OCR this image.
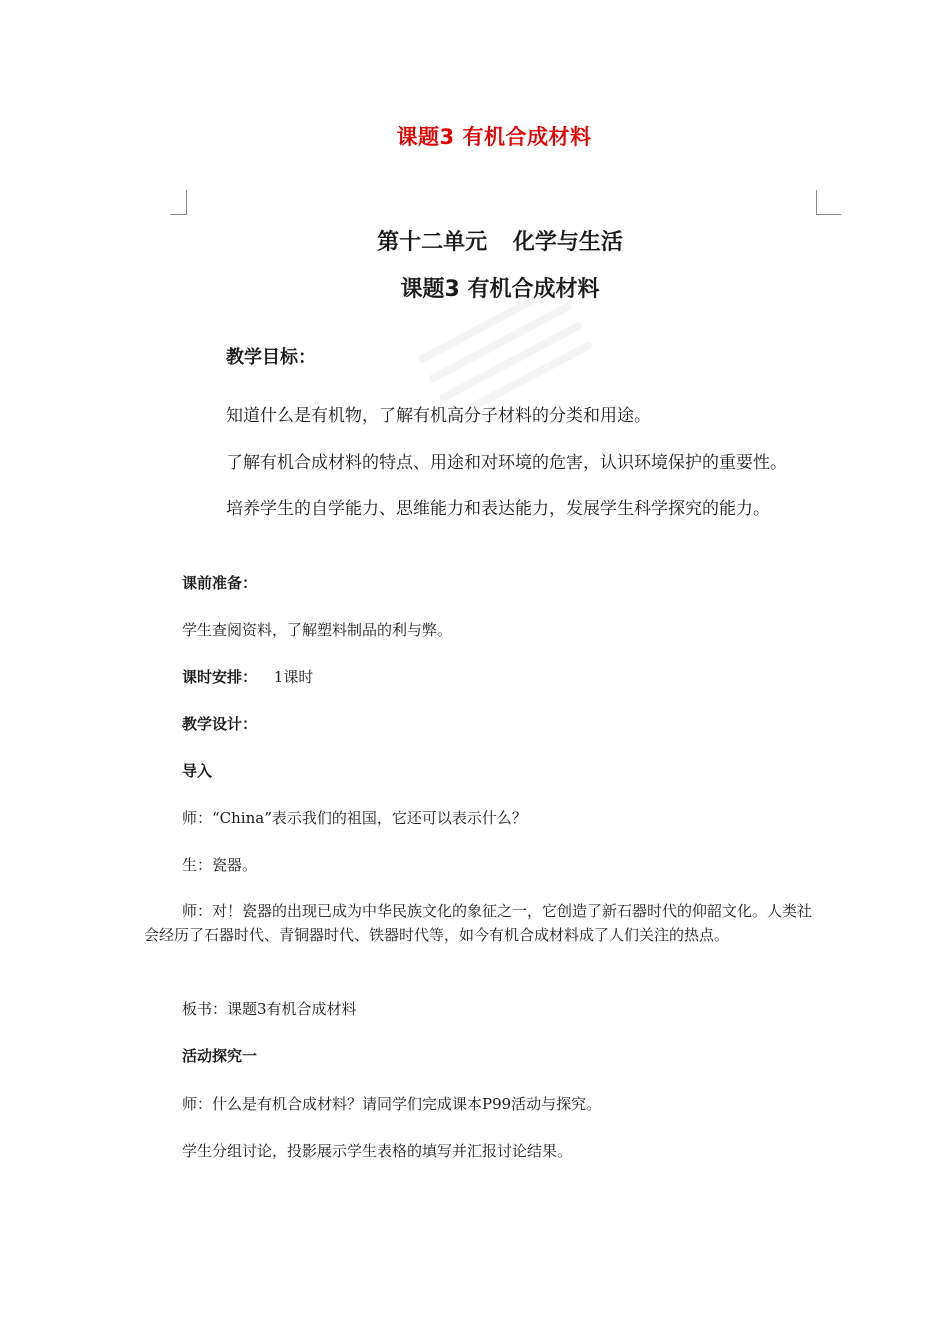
课题3 有机合成材料
第十二单元 化学与生活
课题3 有机合成材料
教学目标：
知道什么是有机物，了解有机高分子材料的分类和用途。
了解有机合成材料的特点、用途和对环境的危害，认识环境保护的重要性。
培养学生的自学能力、思维能力和表达能力，发展学生科学探究的能力。
课前准备：
学生查阅资料，了解塑料制品的利与弊。
课时安排： 1课时
教学设计：
导入
师：“China”表示我们的祖国，它还可以表示什么？
生：瓷器。
师：对！瓷器的出现已成为中华民族文化的象征之一，它创造了新石器时代的仰韶文化。人类社会经历了石器时代、青铜器时代、铁器时代等，如今有机合成材料成了人们关注的热点。
板书：课题3有机合成材料
活动探究一
师：什么是有机合成材料？请同学们完成课本P99活动与探究。
学生分组讨论，投影展示学生表格的填写并汇报讨论结果。
